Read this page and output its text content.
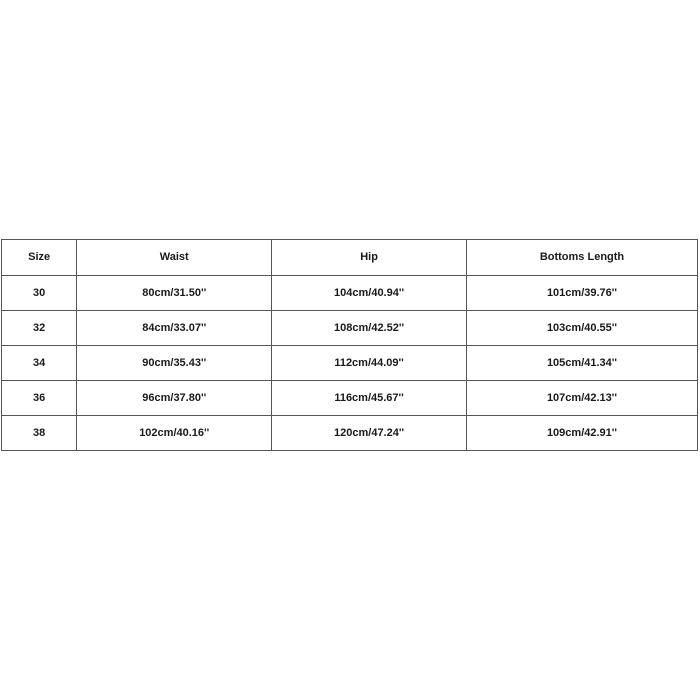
Size	Waist	Hip	Bottoms Length
30	80cm/31.50''	104cm/40.94''	101cm/39.76''
32	84cm/33.07''	108cm/42.52''	103cm/40.55''
34	90cm/35.43''	112cm/44.09''	105cm/41.34''
36	96cm/37.80''	116cm/45.67''	107cm/42.13''
38	102cm/40.16''	120cm/47.24''	109cm/42.91''
